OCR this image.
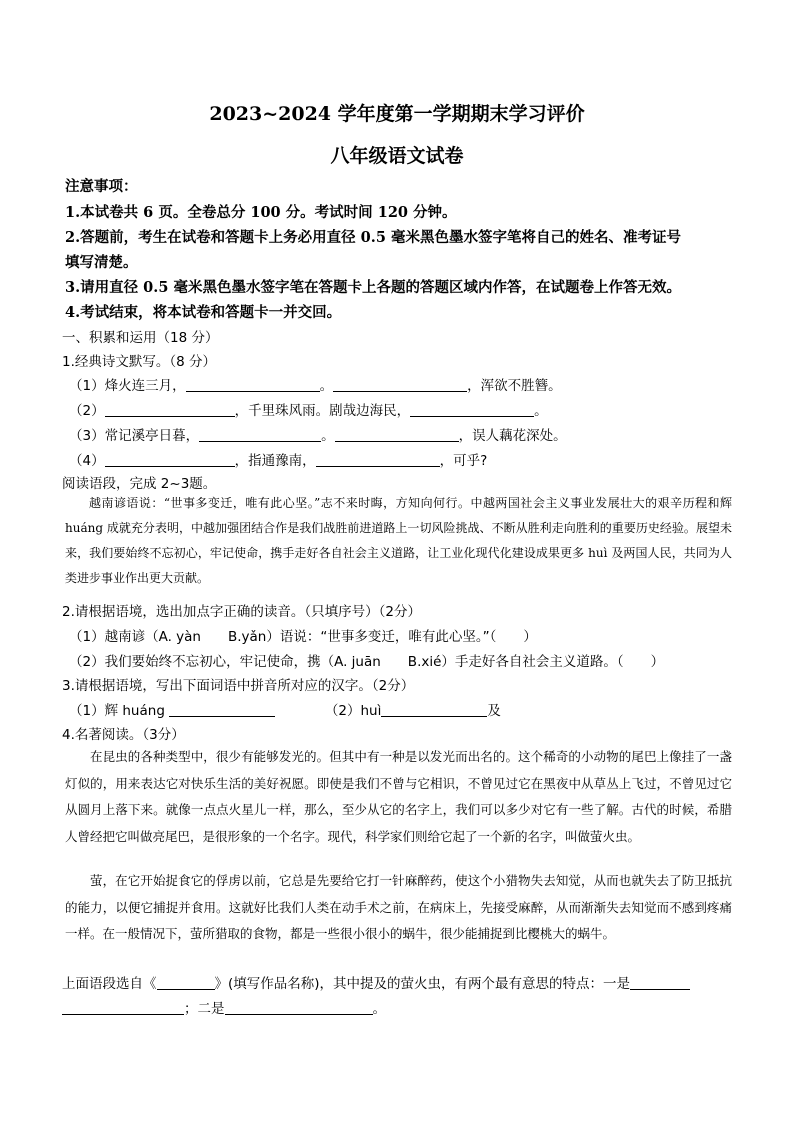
2023~2024 学年度第一学期期末学习评价
八年级语文试卷
注意事项：
1.本试卷共 6 页。全卷总分 100 分。考试时间 120 分钟。
2.答题前，考生在试卷和答题卡上务必用直径 0.5 毫米黑色墨水签字笔将自己的姓名、准考证号
填写清楚。
3.请用直径 0.5 毫米黑色墨水签字笔在答题卡上各题的答题区域内作答，在试题卷上作答无效。
4.考试结束，将本试卷和答题卡一并交回。
一、积累和运用（18 分）
1.经典诗文默写。（8 分）
（1）烽火连三月，	。	，浑欲不胜簪。
（2）	，千里珠风雨。剧哉边海民，	。
（3）常记溪亭日暮，	。	，误人藕花深处。
（4）	，指通豫南，	，可乎?
阅读语段，完成 2~3题。
越南谚语说：“世事多变迁，唯有此心坚。”志不来时晦，方知向何行。中越两国社会主义事业发展壮大的艰辛历程和辉 huáng 成就充分表明，中越加强团结合作是我们战胜前进道路上一切风险挑战、不断从胜利走向胜利的重要历史经验。展望未来，我们要始终不忘初心，牢记使命，携手走好各自社会主义道路，让工业化现代化建设成果更多 huì 及两国人民，共同为人类进步事业作出更大贡献。
2.请根据语境，选出加点字正确的读音。（只填序号）（2分）
（1）越南谚（A. yàn　　B.yǎn）语说：“世事多变迁，唯有此心坚。”（　　）
（2）我们要始终不忘初心，牢记使命，携（A. juān　　B.xié）手走好各自社会主义道路。（　　）
3.请根据语境，写出下面词语中拼音所对应的汉字。（2分）
（1）辉 huáng	（2）huì	及
4.名著阅读。（3分）
在昆虫的各种类型中，很少有能够发光的。但其中有一种是以发光而出名的。这个稀奇的小动物的尾巴上像挂了一盏灯似的，用来表达它对快乐生活的美好祝愿。即使是我们不曾与它相识，不曾见过它在黑夜中从草丛上飞过，不曾见过它从圆月上落下来。就像一点点火星儿一样，那么，至少从它的名字上，我们可以多少对它有一些了解。古代的时候，希腊人曾经把它叫做亮尾巴，是很形象的一个名字。现代，科学家们则给它起了一个新的名字，叫做萤火虫。
萤，在它开始捉食它的俘虏以前，它总是先要给它打一针麻醉药，使这个小猎物失去知觉，从而也就失去了防卫抵抗的能力，以便它捕捉并食用。这就好比我们人类在动手术之前，在病床上，先接受麻醉，从而渐渐失去知觉而不感到疼痛一样。在一般情况下，萤所猎取的食物，都是一些很小很小的蜗牛，很少能捕捉到比樱桃大的蜗牛。
上面语段选自《	》(填写作品名称)，其中提及的萤火虫，有两个最有意思的特点：一是
；二是	。
